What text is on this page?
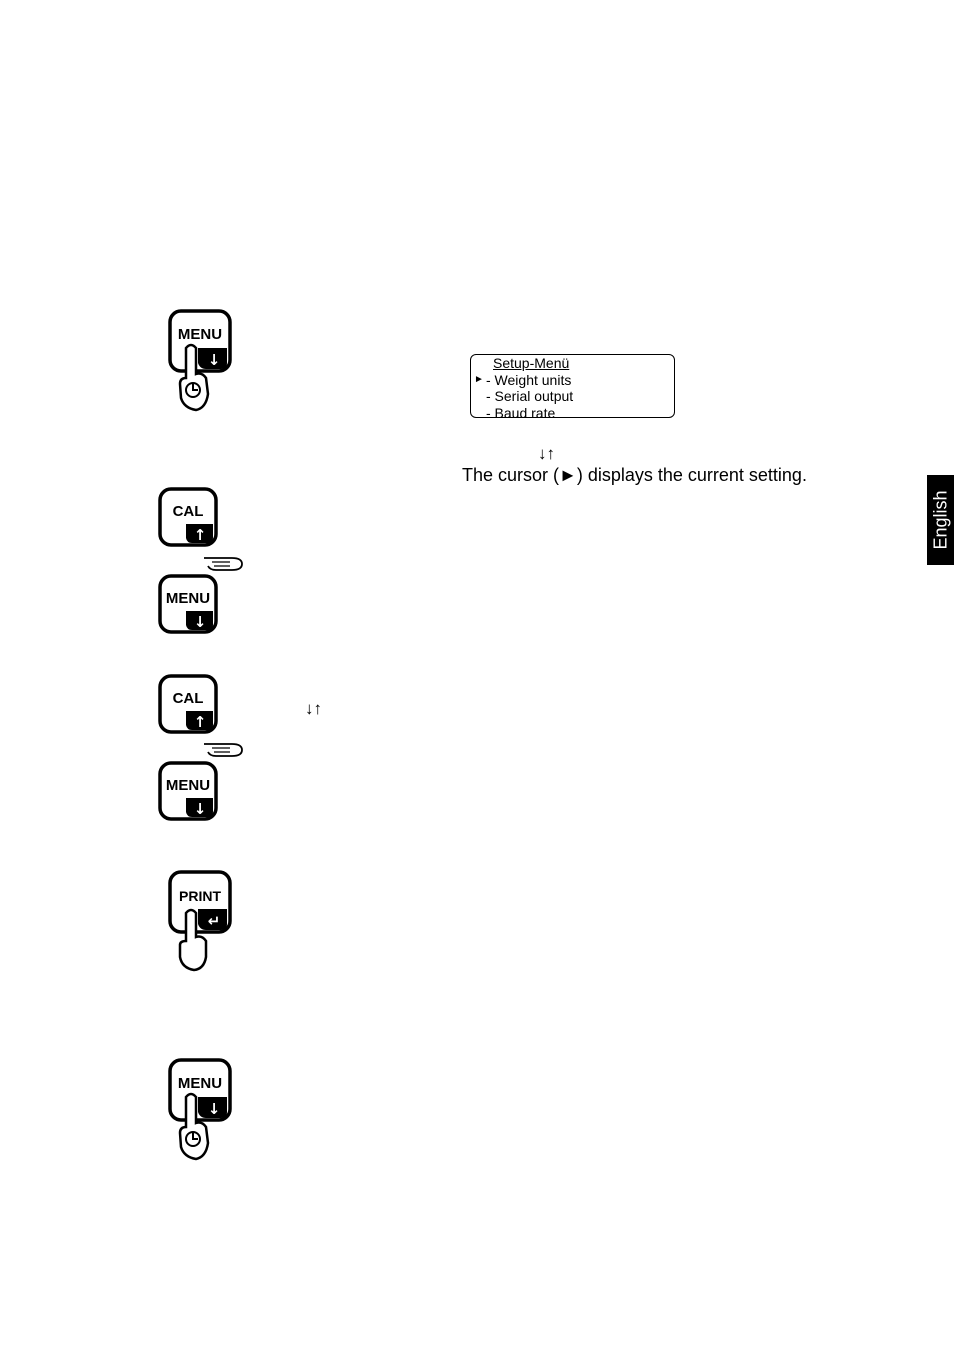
MENU
↓	Setup-Menü
► - Weight units
- Serial output
- Baud rate
↓↑
The cursor (►) displays the current setting.
CAL
↑
MENU
↓
CAL
↑
↓↑
MENU
↓
PRINT
↵
MENU
↓
English
